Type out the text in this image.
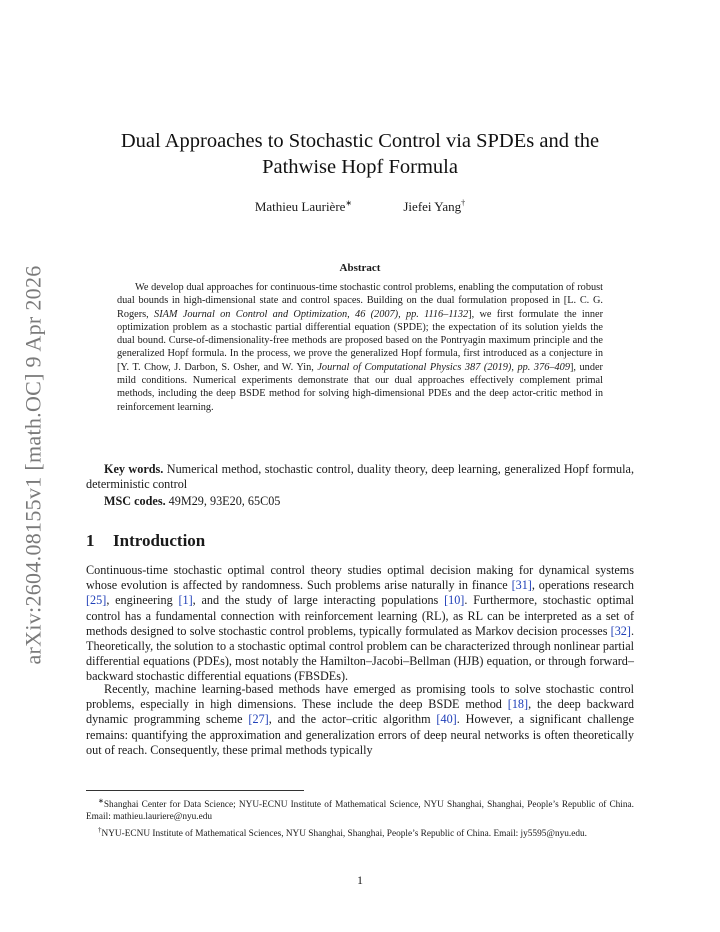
arXiv:2604.08155v1 [math.OC] 9 Apr 2026
Dual Approaches to Stochastic Control via SPDEs and the Pathwise Hopf Formula
Mathieu Laurière∗	Jiefei Yang†
Abstract
We develop dual approaches for continuous-time stochastic control problems, enabling the computation of robust dual bounds in high-dimensional state and control spaces. Building on the dual formulation proposed in [L. C. G. Rogers, SIAM Journal on Control and Optimization, 46 (2007), pp. 1116–1132], we first formulate the inner optimization problem as a stochastic partial differential equation (SPDE); the expectation of its solution yields the dual bound. Curse-of-dimensionality-free methods are proposed based on the Pontryagin maximum principle and the generalized Hopf formula. In the process, we prove the generalized Hopf formula, first introduced as a conjecture in [Y. T. Chow, J. Darbon, S. Osher, and W. Yin, Journal of Computational Physics 387 (2019), pp. 376–409], under mild conditions. Numerical experiments demonstrate that our dual approaches effectively complement primal methods, including the deep BSDE method for solving high-dimensional PDEs and the deep actor-critic method in reinforcement learning.
Key words. Numerical method, stochastic control, duality theory, deep learning, generalized Hopf formula, deterministic control
MSC codes. 49M29, 93E20, 65C05
1 Introduction
Continuous-time stochastic optimal control theory studies optimal decision making for dynamical systems whose evolution is affected by randomness. Such problems arise naturally in finance [31], operations research [25], engineering [1], and the study of large interacting populations [10]. Furthermore, stochastic optimal control has a fundamental connection with reinforcement learning (RL), as RL can be interpreted as a set of methods designed to solve stochastic control problems, typically formulated as Markov decision processes [32]. Theoretically, the solution to a stochastic optimal control problem can be characterized through nonlinear partial differential equations (PDEs), most notably the Hamilton–Jacobi–Bellman (HJB) equation, or through forward–backward stochastic differential equations (FBSDEs).
Recently, machine learning-based methods have emerged as promising tools to solve stochastic control problems, especially in high dimensions. These include the deep BSDE method [18], the deep backward dynamic programming scheme [27], and the actor–critic algorithm [40]. However, a significant challenge remains: quantifying the approximation and generalization errors of deep neural networks is often theoretically out of reach. Consequently, these primal methods typically

∗Shanghai Center for Data Science; NYU-ECNU Institute of Mathematical Science, NYU Shanghai, Shanghai, People’s Republic of China. Email: mathieu.lauriere@nyu.edu

†NYU-ECNU Institute of Mathematical Sciences, NYU Shanghai, Shanghai, People’s Republic of China. Email: jy5595@nyu.edu.

1
